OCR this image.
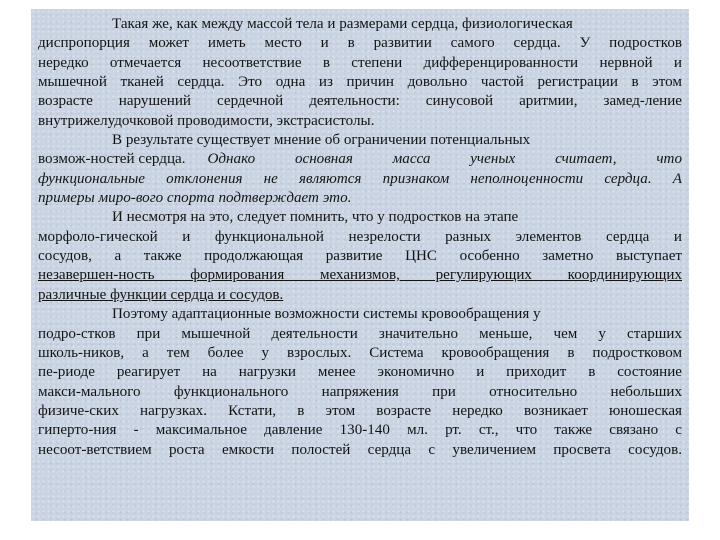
Такая же, как между массой тела и размерами сердца, физиологическая
диспропорция может иметь место и в развитии самого сердца. У подростков
нередко отмечается несоответствие в степени дифференцированности нервной и
мышечной тканей сердца. Это одна из причин довольно частой регистрации в этом
возрасте нарушений сердечной деятельности: синусовой аритмии, замед-ление
внутрижелудочковой проводимости, экстрасистолы.
В результате существует мнение об ограничении потенциальных
возмож-ностей сердца. Однако основная масса ученых считает, что
функциональные отклонения не являются признаком неполноценности сердца. А
примеры миро-вого спорта подтверждает это.
И несмотря на это, следует помнить, что у подростков на этапе
морфоло-гической и функциональной незрелости разных элементов сердца и
сосудов, а также продолжающая развитие ЦНС особенно заметно выступает
незавершен-ность формирования механизмов, регулирующих координирующих
различные функции сердца и сосудов.
Поэтому адаптационные возможности системы кровообращения у
подро-стков при мышечной деятельности значительно меньше, чем у старших
школь-ников, а тем более у взрослых. Система кровообращения в подростковом
пе-риоде реагирует на нагрузки менее экономично и приходит в состояние
макси-мального функционального напряжения при относительно небольших
физиче-ских нагрузках. Кстати, в этом возрасте нередко возникает юношеская
гиперто-ния - максимальное давление 130-140 мл. рт. ст., что также связано с
несоот-ветствием роста емкости полостей сердца с увеличением просвета сосудов.
